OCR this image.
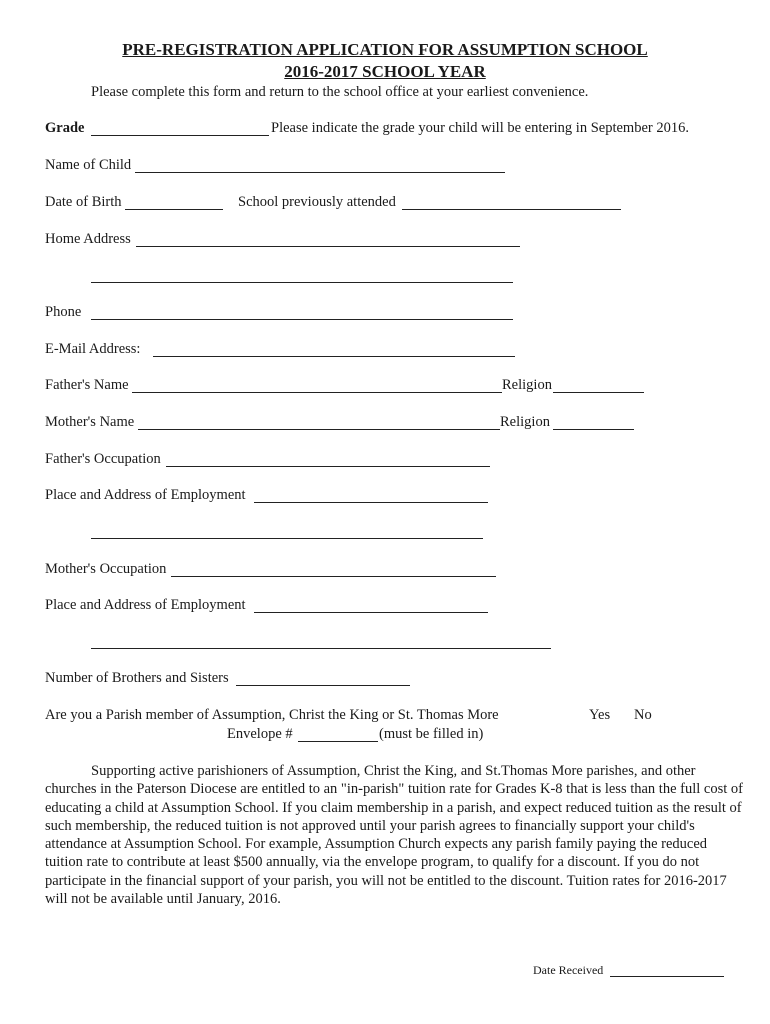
PRE-REGISTRATION APPLICATION FOR ASSUMPTION SCHOOL
2016-2017 SCHOOL YEAR
Please complete this form and return to the school office at your earliest convenience.
Grade	Please indicate the grade your child will be entering in September 2016.
Name of Child
Date of Birth	School previously attended
Home Address
Phone
E-Mail Address:
Father's Name	Religion
Mother's Name	Religion
Father's Occupation
Place and Address of Employment
Mother's Occupation
Place and Address of Employment
Number of Brothers and Sisters
Are you a Parish member of Assumption, Christ the King or St. Thomas More	Yes No
Envelope #	(must be filled in)
Supporting active parishioners of Assumption, Christ the King, and St.Thomas More parishes, and other churches in the Paterson Diocese are entitled to an "in-parish" tuition rate for Grades K-8 that is less than the full cost of educating a child at Assumption School. If you claim membership in a parish, and expect reduced tuition as the result of such membership, the reduced tuition is not approved until your parish agrees to financially support your child's attendance at Assumption School. For example, Assumption Church expects any parish family paying the reduced tuition rate to contribute at least $500 annually, via the envelope program, to qualify for a discount. If you do not participate in the financial support of your parish, you will not be entitled to the discount. Tuition rates for 2016-2017 will not be available until January, 2016.
Date Received
